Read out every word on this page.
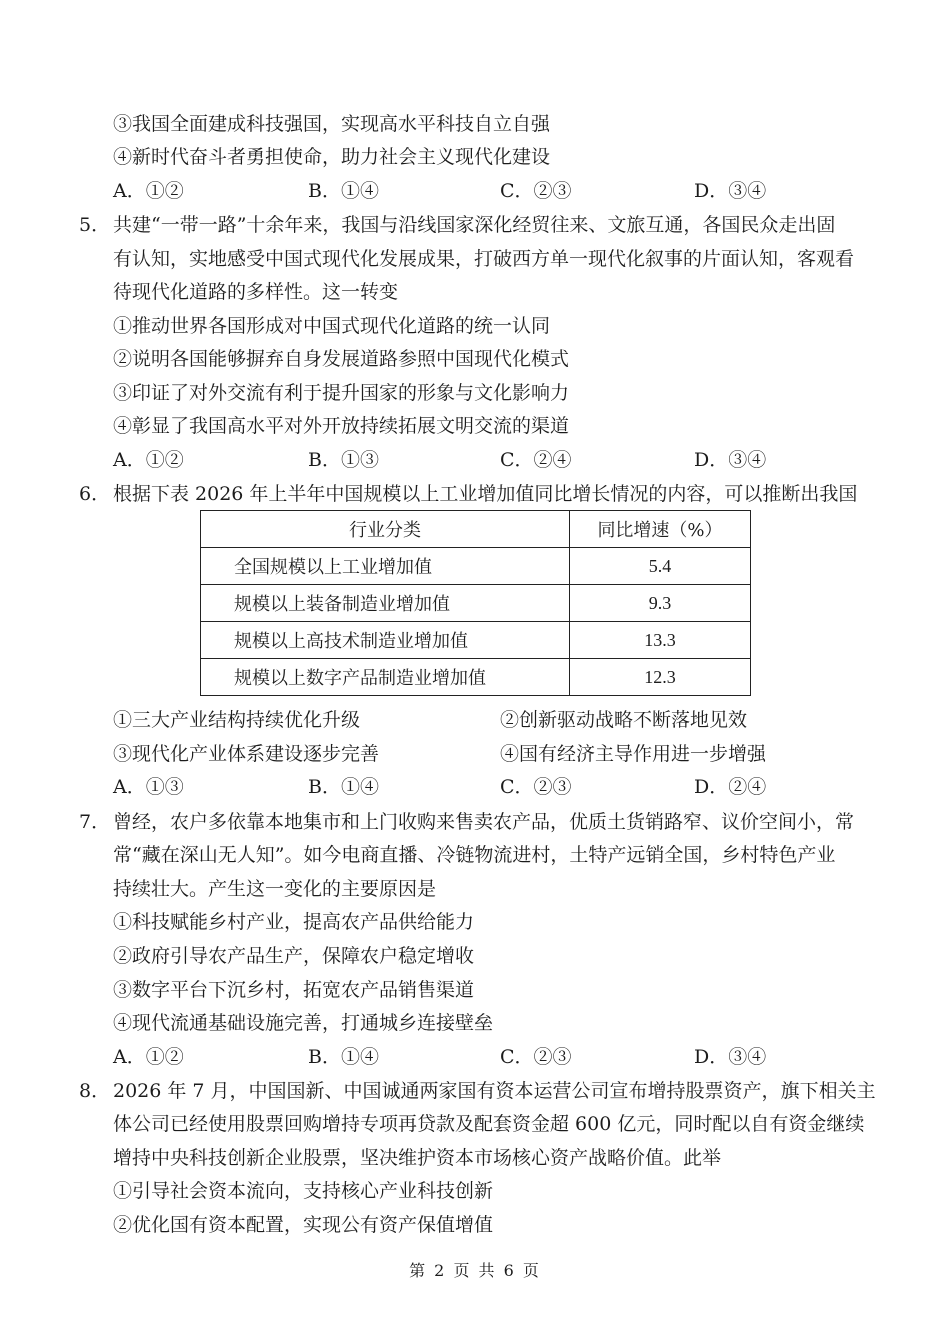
③我国全面建成科技强国，实现高水平科技自立自强
④新时代奋斗者勇担使命，助力社会主义现代化建设
A．①②	B．①④	C．②③	D．③④
5． 共建“一带一路”十余年来，我国与沿线国家深化经贸往来、文旅互通，各国民众走出固
有认知，实地感受中国式现代化发展成果，打破西方单一现代化叙事的片面认知，客观看
待现代化道路的多样性。这一转变
①推动世界各国形成对中国式现代化道路的统一认同
②说明各国能够摒弃自身发展道路参照中国现代化模式
③印证了对外交流有利于提升国家的形象与文化影响力
④彰显了我国高水平对外开放持续拓展文明交流的渠道
A．①②	B．①③	C．②④	D．③④
6． 根据下表 2026 年上半年中国规模以上工业增加值同比增长情况的内容，可以推断出我国
行业分类	同比增速（%）
全国规模以上工业增加值	5.4
规模以上装备制造业增加值	9.3
规模以上高技术制造业增加值	13.3
规模以上数字产品制造业增加值	12.3
①三大产业结构持续优化升级	②创新驱动战略不断落地见效
③现代化产业体系建设逐步完善	④国有经济主导作用进一步增强
A．①③	B．①④	C．②③	D．②④
7． 曾经，农户多依靠本地集市和上门收购来售卖农产品，优质土货销路窄、议价空间小，常
常“藏在深山无人知”。如今电商直播、冷链物流进村，土特产远销全国，乡村特色产业
持续壮大。产生这一变化的主要原因是
①科技赋能乡村产业，提高农产品供给能力
②政府引导农产品生产，保障农户稳定增收
③数字平台下沉乡村，拓宽农产品销售渠道
④现代流通基础设施完善，打通城乡连接壁垒
A．①②	B．①④	C．②③	D．③④
8． 2026 年 7 月，中国国新、中国诚通两家国有资本运营公司宣布增持股票资产，旗下相关主
体公司已经使用股票回购增持专项再贷款及配套资金超 600 亿元，同时配以自有资金继续
增持中央科技创新企业股票，坚决维护资本市场核心资产战略价值。此举
①引导社会资本流向，支持核心产业科技创新
②优化国有资本配置，实现公有资产保值增值
第 2 页 共 6 页
